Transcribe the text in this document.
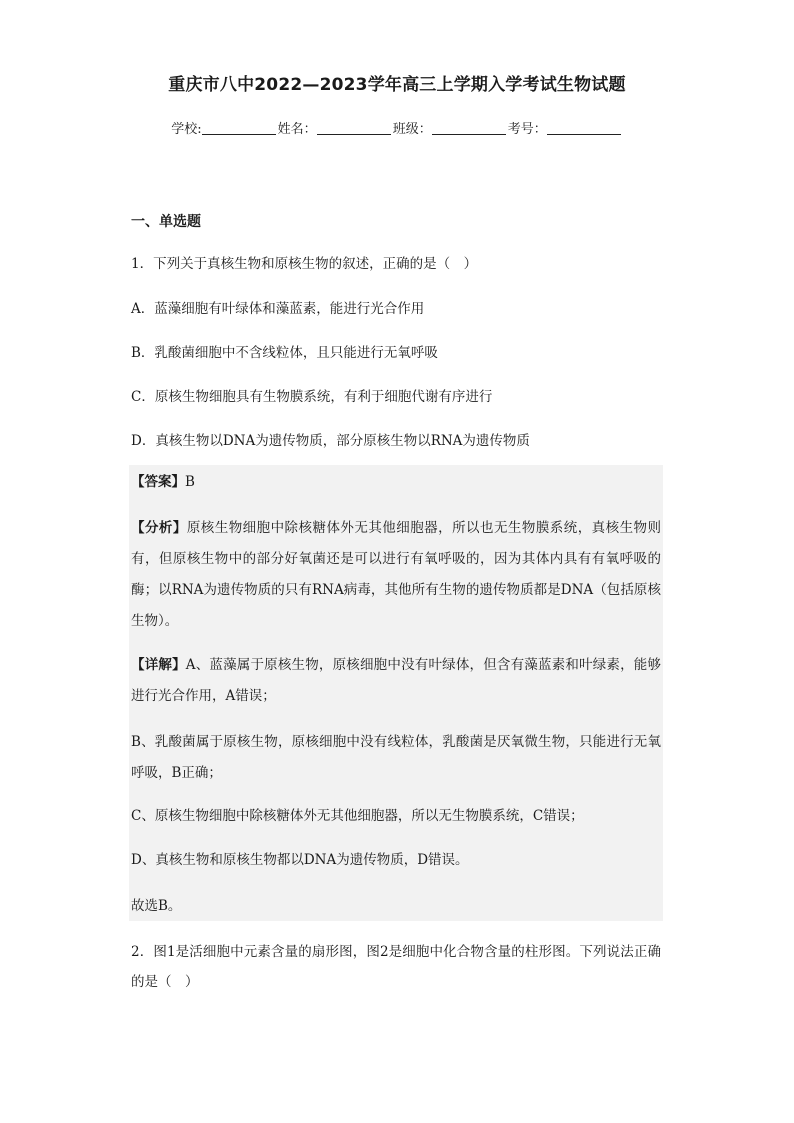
重庆市八中2022—2023学年高三上学期入学考试生物试题
学校:	姓名：	班级：	考号：
一、单选题
1．下列关于真核生物和原核生物的叙述，正确的是（　）
A．蓝藻细胞有叶绿体和藻蓝素，能进行光合作用
B．乳酸菌细胞中不含线粒体，且只能进行无氧呼吸
C．原核生物细胞具有生物膜系统，有利于细胞代谢有序进行
D．真核生物以DNA为遗传物质，部分原核生物以RNA为遗传物质
【答案】B
【分析】原核生物细胞中除核糖体外无其他细胞器，所以也无生物膜系统，真核生物则有，但原核生物中的部分好氧菌还是可以进行有氧呼吸的，因为其体内具有有氧呼吸的酶；以RNA为遗传物质的只有RNA病毒，其他所有生物的遗传物质都是DNA（包括原核生物）。
【详解】A、蓝藻属于原核生物，原核细胞中没有叶绿体，但含有藻蓝素和叶绿素，能够进行光合作用，A错误；
B、乳酸菌属于原核生物，原核细胞中没有线粒体，乳酸菌是厌氧微生物，只能进行无氧呼吸，B正确；
C、原核生物细胞中除核糖体外无其他细胞器，所以无生物膜系统，C错误；
D、真核生物和原核生物都以DNA为遗传物质，D错误。
故选B。
2．图1是活细胞中元素含量的扇形图，图2是细胞中化合物含量的柱形图。下列说法正确的是（　）
